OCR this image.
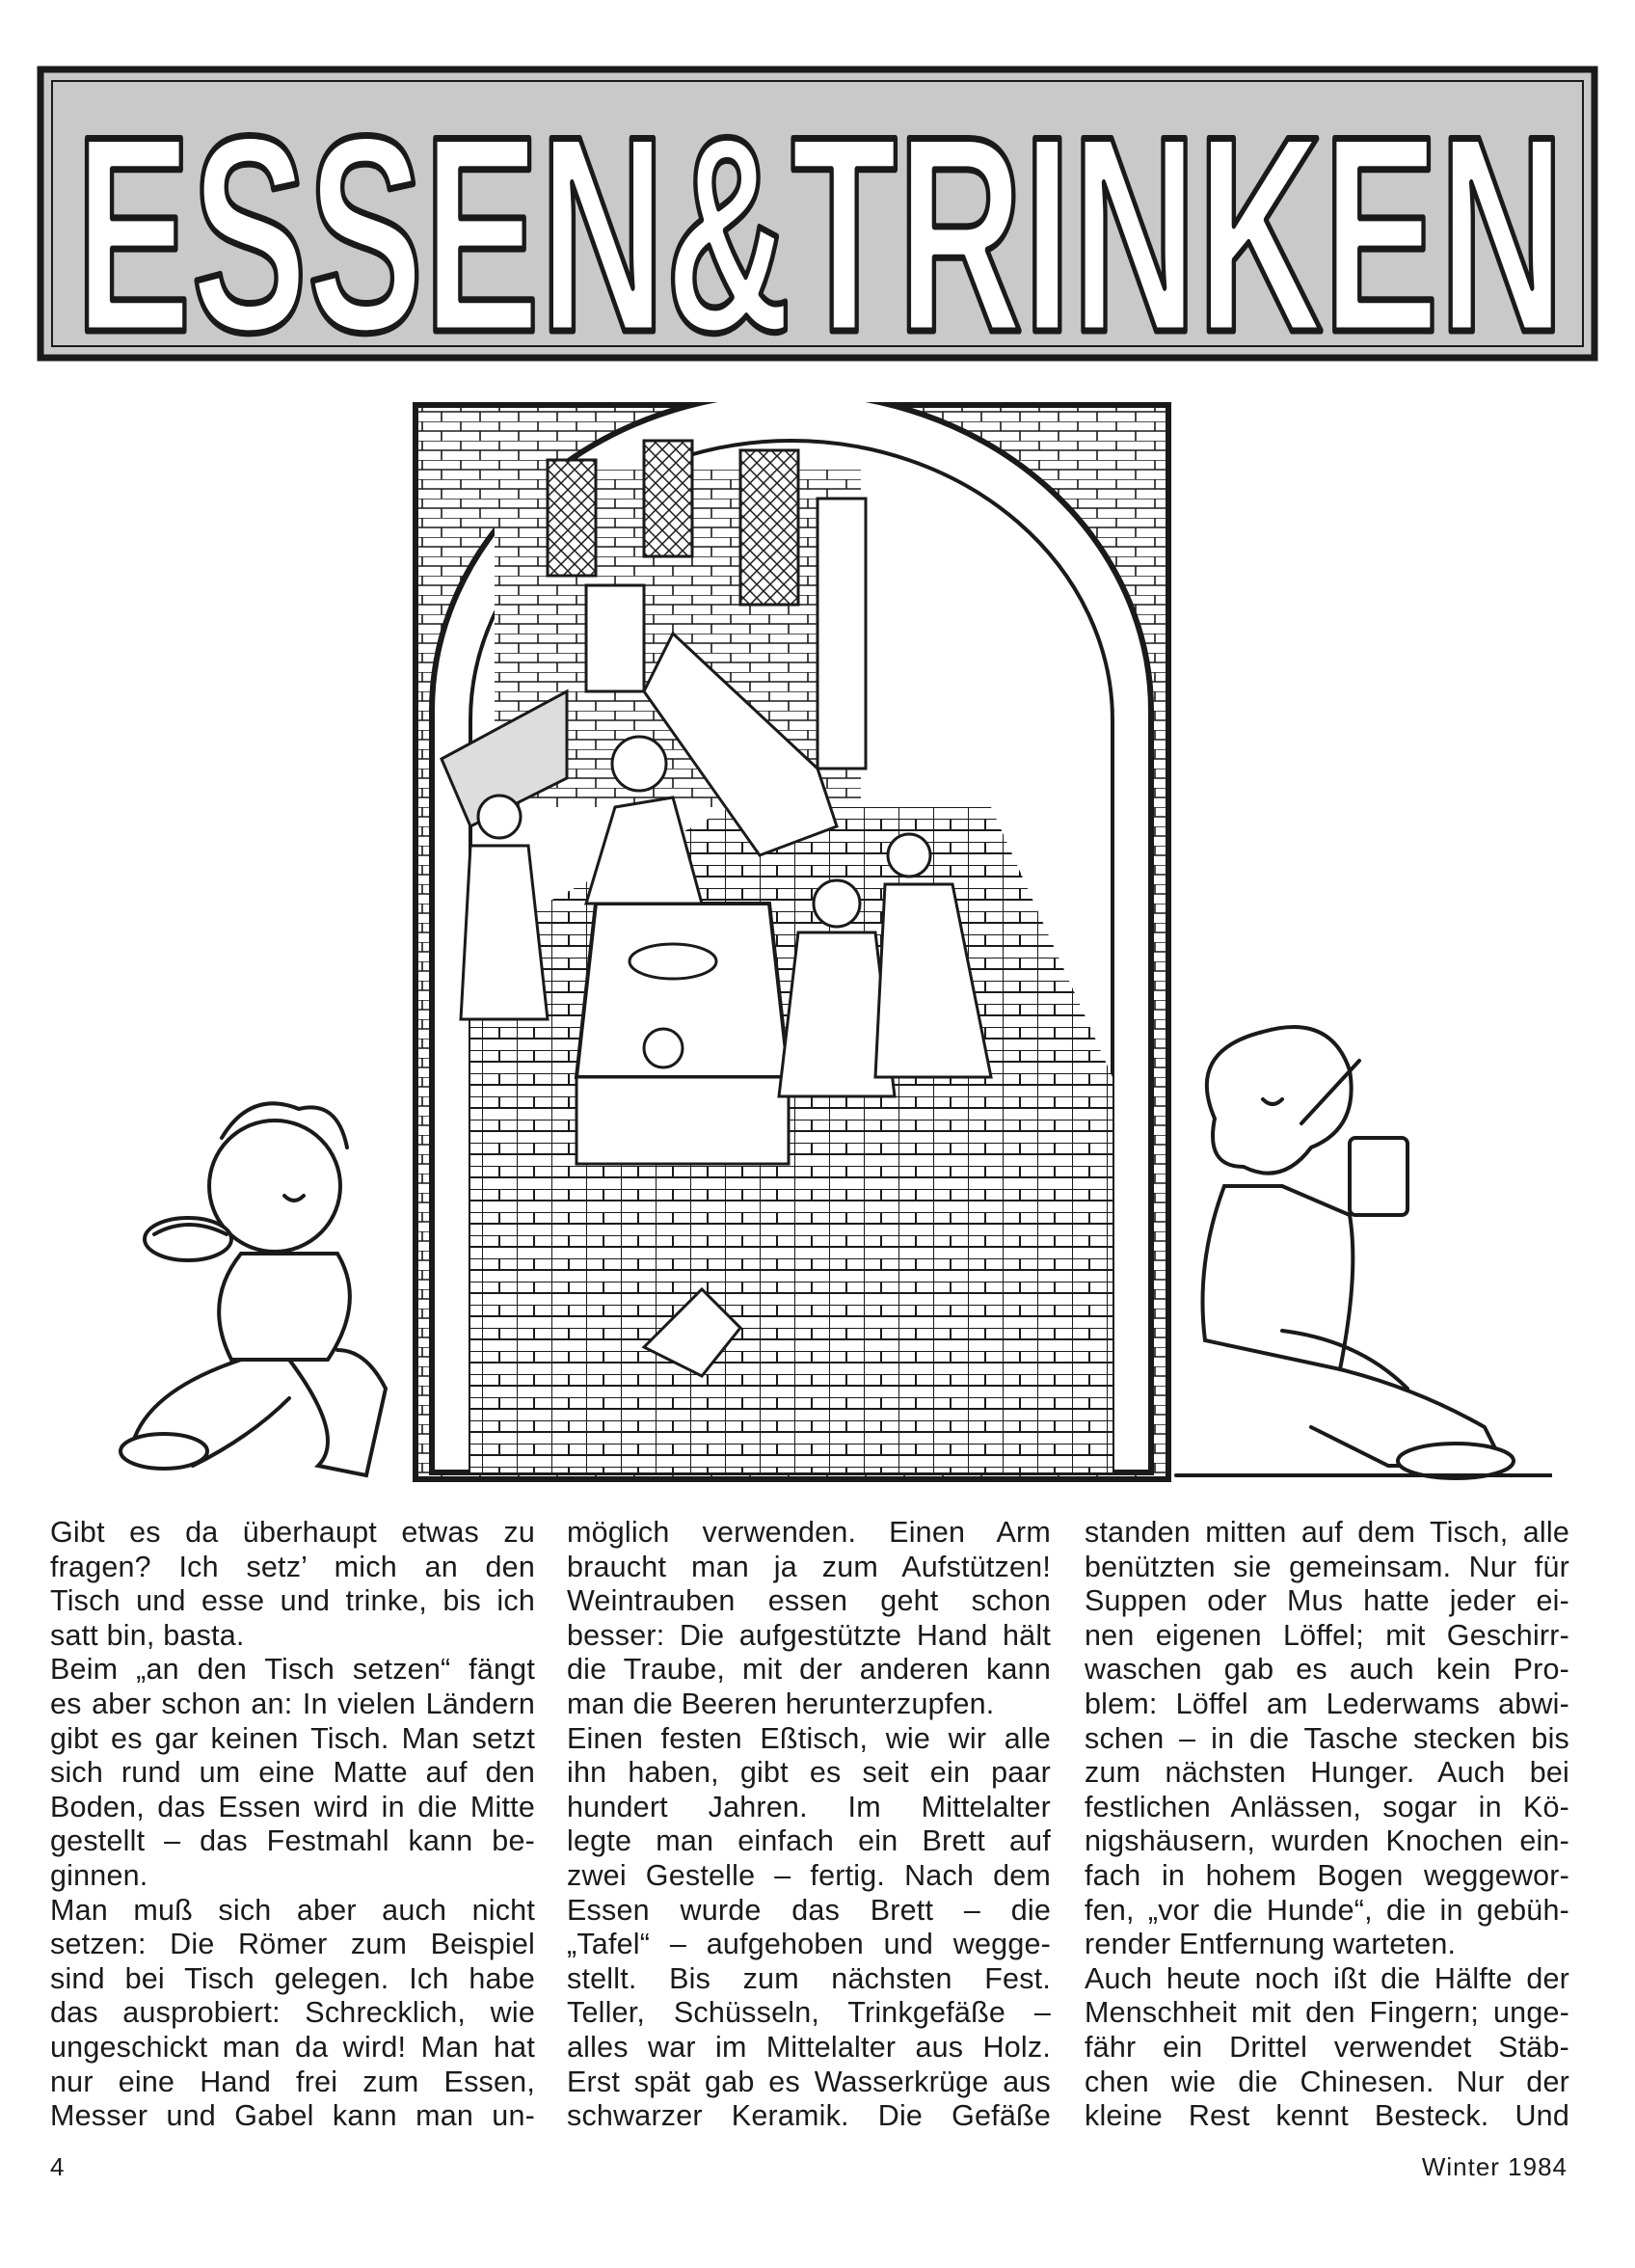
ESSEN&TRINKEN
Gibt es da überhaupt etwas zu
fragen? Ich setz’ mich an den
Tisch und esse und trinke, bis ich
satt bin, basta.
Beim „an den Tisch setzen“ fängt
es aber schon an: In vielen Ländern
gibt es gar keinen Tisch. Man setzt
sich rund um eine Matte auf den
Boden, das Essen wird in die Mitte
gestellt – das Festmahl kann be-
ginnen.
Man muß sich aber auch nicht
setzen: Die Römer zum Beispiel
sind bei Tisch gelegen. Ich habe
das ausprobiert: Schrecklich, wie
ungeschickt man da wird! Man hat
nur eine Hand frei zum Essen,
Messer und Gabel kann man un-
möglich verwenden. Einen Arm
braucht man ja zum Aufstützen!
Weintrauben essen geht schon
besser: Die aufgestützte Hand hält
die Traube, mit der anderen kann
man die Beeren herunterzupfen.
Einen festen Eßtisch, wie wir alle
ihn haben, gibt es seit ein paar
hundert Jahren. Im Mittelalter
legte man einfach ein Brett auf
zwei Gestelle – fertig. Nach dem
Essen wurde das Brett – die
„Tafel“ – aufgehoben und wegge-
stellt. Bis zum nächsten Fest.
Teller, Schüsseln, Trinkgefäße –
alles war im Mittelalter aus Holz.
Erst spät gab es Wasserkrüge aus
schwarzer Keramik. Die Gefäße
standen mitten auf dem Tisch, alle
benützten sie gemeinsam. Nur für
Suppen oder Mus hatte jeder ei-
nen eigenen Löffel; mit Geschirr-
waschen gab es auch kein Pro-
blem: Löffel am Lederwams abwi-
schen – in die Tasche stecken bis
zum nächsten Hunger. Auch bei
festlichen Anlässen, sogar in Kö-
nigshäusern, wurden Knochen ein-
fach in hohem Bogen weggewor-
fen, „vor die Hunde“, die in gebüh-
render Entfernung warteten.
Auch heute noch ißt die Hälfte der
Menschheit mit den Fingern; unge-
fähr ein Drittel verwendet Stäb-
chen wie die Chinesen. Nur der
kleine Rest kennt Besteck. Und
4	Winter 1984
